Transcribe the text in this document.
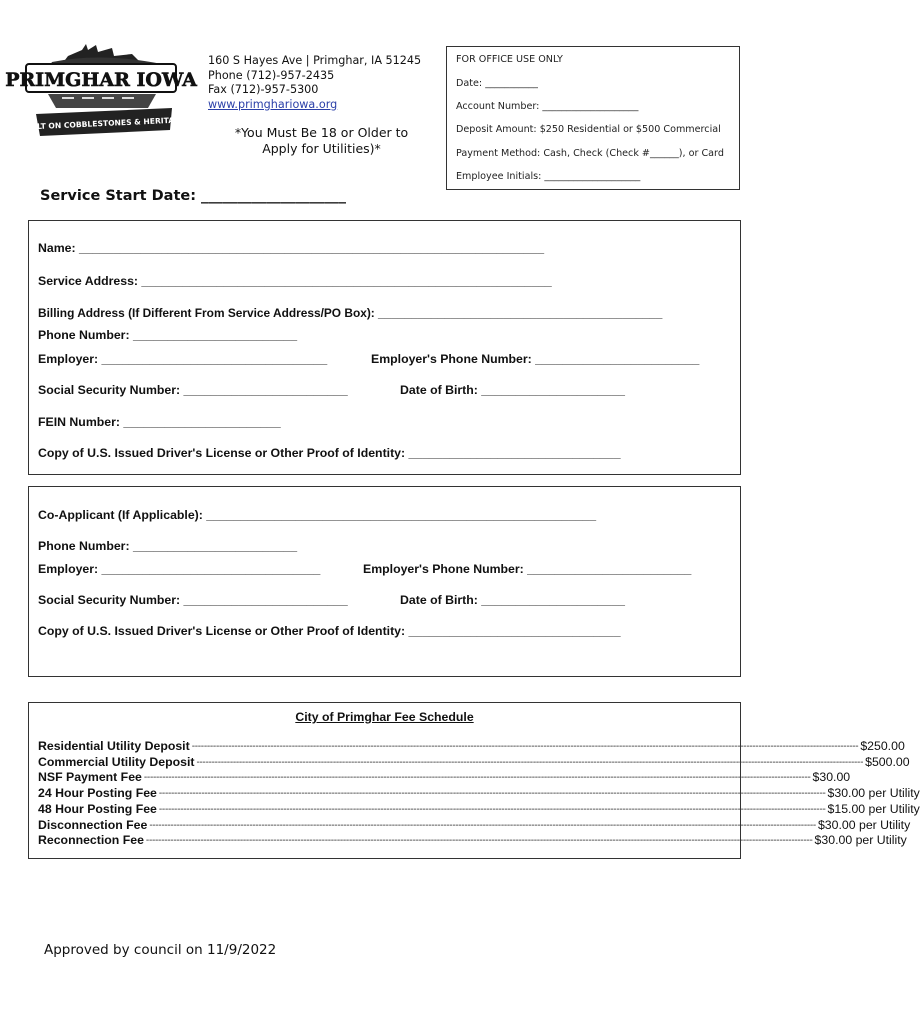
PRIMGHAR IOWA
BUILT ON COBBLESTONES & HERITAGE
160 S Hayes Ave | Primghar, IA 51245
Phone (712)-957-2435
Fax (712)-957-5300
www.primghariowa.org
*You Must Be 18 or Older to Apply for Utilities)*
FOR OFFICE USE ONLY
Date: ___________
Account Number: ____________________
Deposit Amount: $250 Residential or $500 Commercial
Payment Method: Cash, Check (Check #______), or Card
Employee Initials: ____________________
Service Start Date: ____________________
Name: ____________________________________________________________________
Service Address: ____________________________________________________________
Billing Address (If Different From Service Address/PO Box): ___________________________________________
Phone Number: ________________________
Employer: _________________________________	Employer's Phone Number: ________________________
Social Security Number: ________________________	Date of Birth: _____________________
FEIN Number: _______________________
Copy of U.S. Issued Driver's License or Other Proof of Identity: _______________________________
Co-Applicant (If Applicable): _________________________________________________________
Phone Number: ________________________
Employer: ________________________________	Employer's Phone Number: ________________________
Social Security Number: ________________________	Date of Birth: _____________________
Copy of U.S. Issued Driver's License or Other Proof of Identity: _______________________________
City of Primghar Fee Schedule
Residential Utility Deposit ---------------------------------------------------------------------------------------------------------------------------------------------------------------------------------------------------------------------------- $250.00
Commercial Utility Deposit ---------------------------------------------------------------------------------------------------------------------------------------------------------------------------------------------------------------------------- $500.00
NSF Payment Fee ---------------------------------------------------------------------------------------------------------------------------------------------------------------------------------------------------------------------------- $30.00
24 Hour Posting Fee ---------------------------------------------------------------------------------------------------------------------------------------------------------------------------------------------------------------------------- $30.00 per Utility
48 Hour Posting Fee ---------------------------------------------------------------------------------------------------------------------------------------------------------------------------------------------------------------------------- $15.00 per Utility
Disconnection Fee ---------------------------------------------------------------------------------------------------------------------------------------------------------------------------------------------------------------------------- $30.00 per Utility
Reconnection Fee ---------------------------------------------------------------------------------------------------------------------------------------------------------------------------------------------------------------------------- $30.00 per Utility
Approved by council on 11/9/2022
